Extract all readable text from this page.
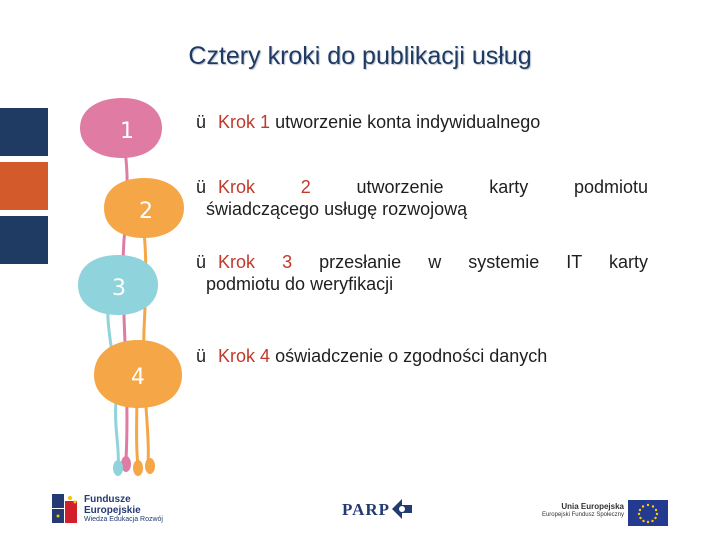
Cztery kroki do publikacji usług
1
2
3
4
ü Krok 1 utworzenie konta indywidualnego
ü Krok	2	utworzenie karty podmiotu
świadczącego usługę rozwojową
ü Krok 3 przesłanie w systemie IT karty
podmiotu do weryfikacji
ü Krok 4 oświadczenie o zgodności danych
Fundusze
Europejskie
Wiedza Edukacja Rozwój
PARP	Unia Europejska
Europejski Fundusz Społeczny
